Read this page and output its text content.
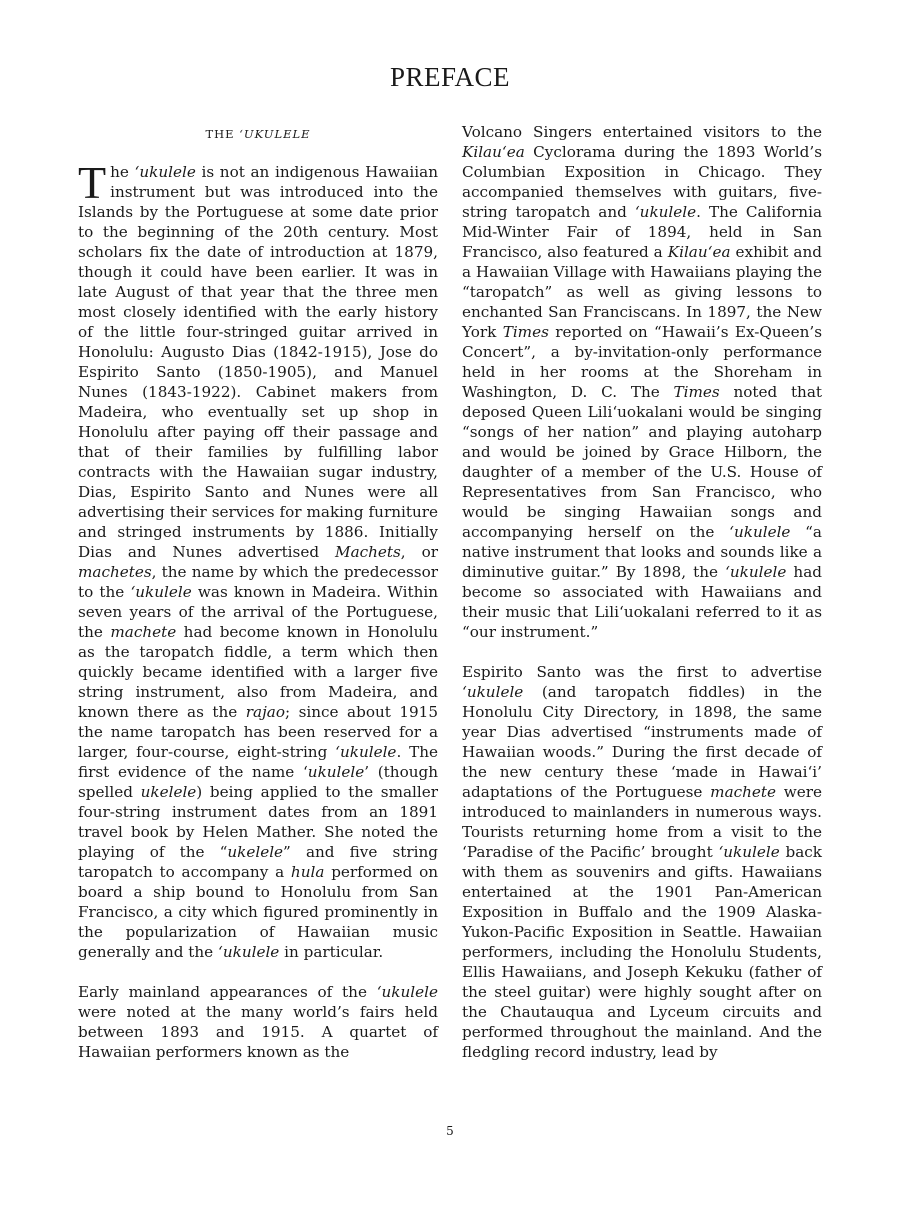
PREFACE
THE ‘UKULELE

The ‘ukulele is not an indigenous Hawaiian instrument but was introduced into the Islands by the Portuguese at some date prior to the beginning of the 20th century. Most scholars fix the date of introduction at 1879, though it could have been earlier. It was in late August of that year that the three men most closely identified with the early history of the little four-stringed guitar arrived in Honolulu: Augusto Dias (1842-1915), Jose do Espirito Santo (1850-1905), and Manuel Nunes (1843-1922). Cabinet makers from Madeira, who eventually set up shop in Honolulu after paying off their passage and that of their families by fulfilling labor contracts with the Hawaiian sugar industry, Dias, Espirito Santo and Nunes were all advertising their services for making furniture and stringed instruments by 1886. Initially Dias and Nunes advertised Machets, or machetes, the name by which the predecessor to the ‘ukulele was known in Madeira. Within seven years of the arrival of the Portuguese, the machete had become known in Honolulu as the taropatch fiddle, a term which then quickly became identified with a larger five string instrument, also from Madeira, and known there as the rajao; since about 1915 the name taropatch has been reserved for a larger, four-course, eight-string ‘ukulele. The first evidence of the name ‘ukulele’ (though spelled ukelele) being applied to the smaller four-string instrument dates from an 1891 travel book by Helen Mather. She noted the playing of the “ukelele” and five string taropatch to accompany a hula performed on board a ship bound to Honolulu from San Francisco, a city which figured prominently in the popularization of Hawaiian music generally and the ‘ukulele in particular.

Early mainland appearances of the ‘ukulele were noted at the many world’s fairs held between 1893 and 1915. A quartet of Hawaiian performers known as the

Volcano Singers entertained visitors to the Kilau‘ea Cyclorama during the 1893 World’s Columbian Exposition in Chicago. They accompanied themselves with guitars, five-string taropatch and ‘ukulele. The California Mid-Winter Fair of 1894, held in San Francisco, also featured a Kilau‘ea exhibit and a Hawaiian Village with Hawaiians playing the “taropatch” as well as giving lessons to enchanted San Franciscans. In 1897, the New York Times reported on “Hawaii’s Ex-Queen’s Concert”, a by-invitation-only performance held in her rooms at the Shoreham in Washington, D. C. The Times noted that deposed Queen Lili‘uokalani would be singing “songs of her nation” and playing autoharp and would be joined by Grace Hilborn, the daughter of a member of the U.S. House of Representatives from San Francisco, who would be singing Hawaiian songs and accompanying herself on the ‘ukulele “a native instrument that looks and sounds like a diminutive guitar.” By 1898, the ‘ukulele had become so associated with Hawaiians and their music that Lili‘uokalani referred to it as “our instrument.”

Espirito Santo was the first to advertise ‘ukulele (and taropatch fiddles) in the Honolulu City Directory, in 1898, the same year Dias advertised “instruments made of Hawaiian woods.” During the first decade of the new century these ‘made in Hawai‘i’ adaptations of the Portuguese machete were introduced to mainlanders in numerous ways. Tourists returning home from a visit to the ‘Paradise of the Pacific’ brought ‘ukulele back with them as souvenirs and gifts. Hawaiians entertained at the 1901 Pan-American Exposition in Buffalo and the 1909 Alaska-Yukon-Pacific Exposition in Seattle. Hawaiian performers, including the Honolulu Students, Ellis Hawaiians, and Joseph Kekuku (father of the steel guitar) were highly sought after on the Chautauqua and Lyceum circuits and performed throughout the mainland. And the fledgling record industry, lead by

5
